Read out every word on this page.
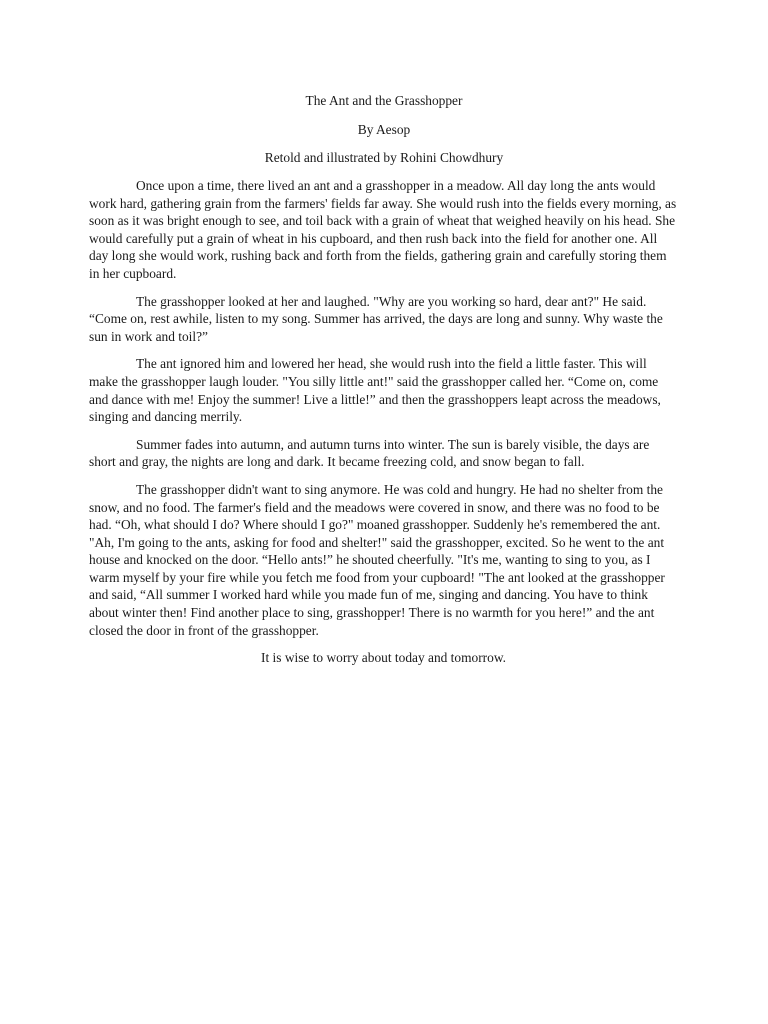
The Ant and the Grasshopper
By Aesop
Retold and illustrated by Rohini Chowdhury

Once upon a time, there lived an ant and a grasshopper in a meadow. All day long the ants would work hard, gathering grain from the farmers' fields far away. She would rush into the fields every morning, as soon as it was bright enough to see, and toil back with a grain of wheat that weighed heavily on his head. She would carefully put a grain of wheat in his cupboard, and then rush back into the field for another one. All day long she would work, rushing back and forth from the fields, gathering grain and carefully storing them in her cupboard.

The grasshopper looked at her and laughed. "Why are you working so hard, dear ant?" He said. “Come on, rest awhile, listen to my song. Summer has arrived, the days are long and sunny. Why waste the sun in work and toil?”

The ant ignored him and lowered her head, she would rush into the field a little faster. This will make the grasshopper laugh louder. "You silly little ant!" said the grasshopper called her. “Come on, come and dance with me! Enjoy the summer! Live a little!” and then the grasshoppers leapt across the meadows, singing and dancing merrily.

Summer fades into autumn, and autumn turns into winter. The sun is barely visible, the days are short and gray, the nights are long and dark. It became freezing cold, and snow began to fall.

The grasshopper didn't want to sing anymore. He was cold and hungry. He had no shelter from the snow, and no food. The farmer's field and the meadows were covered in snow, and there was no food to be had. “Oh, what should I do? Where should I go?" moaned grasshopper. Suddenly he's remembered the ant. "Ah, I'm going to the ants, asking for food and shelter!" said the grasshopper, excited. So he went to the ant house and knocked on the door. “Hello ants!” he shouted cheerfully. "It's me, wanting to sing to you, as I warm myself by your fire while you fetch me food from your cupboard! "The ant looked at the grasshopper and said, “All summer I worked hard while you made fun of me, singing and dancing. You have to think about winter then! Find another place to sing, grasshopper! There is no warmth for you here!” and the ant closed the door in front of the grasshopper.

It is wise to worry about today and tomorrow.
